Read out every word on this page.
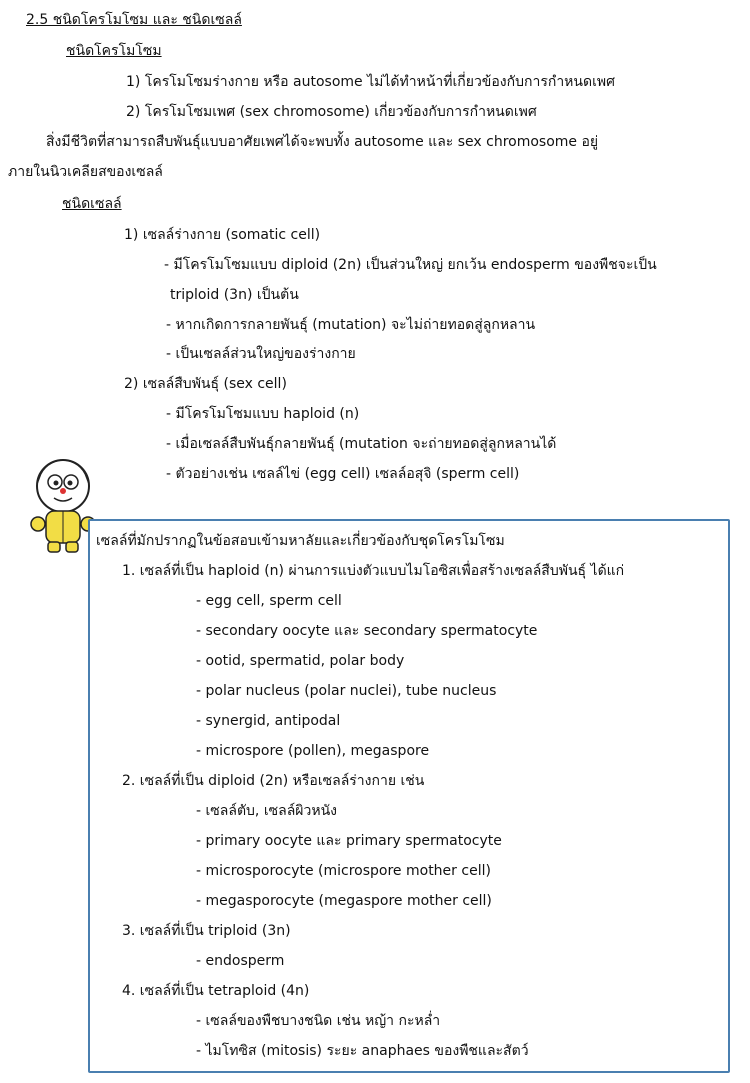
2.5 ชนิดโครโมโซม และ ชนิดเซลล์
ชนิดโครโมโซม
1) โครโมโซมร่างกาย หรือ autosome ไม่ได้ทำหน้าที่เกี่ยวข้องกับการกำหนดเพศ
2) โครโมโซมเพศ (sex chromosome) เกี่ยวข้องกับการกำหนดเพศ
สิ่งมีชีวิตที่สามารถสืบพันธุ์แบบอาศัยเพศได้จะพบทั้ง autosome และ sex chromosome อยู่
ภายในนิวเคลียสของเซลล์
ชนิดเซลล์
1) เซลล์ร่างกาย (somatic cell)
- มีโครโมโซมแบบ diploid (2n) เป็นส่วนใหญ่ ยกเว้น endosperm ของพืชจะเป็น
triploid (3n) เป็นต้น
- หากเกิดการกลายพันธุ์ (mutation) จะไม่ถ่ายทอดสู่ลูกหลาน
- เป็นเซลล์ส่วนใหญ่ของร่างกาย
2) เซลล์สืบพันธุ์ (sex cell)
- มีโครโมโซมแบบ haploid (n)
- เมื่อเซลล์สืบพันธุ์กลายพันธุ์ (mutation จะถ่ายทอดสู่ลูกหลานได้
- ตัวอย่างเช่น เซลล์ไข่ (egg cell) เซลล์อสุจิ (sperm cell)
เซลล์ที่มักปรากฏในข้อสอบเข้ามหาลัยและเกี่ยวข้องกับชุดโครโมโซม
1. เซลล์ที่เป็น haploid (n) ผ่านการแบ่งตัวแบบไมโอซิสเพื่อสร้างเซลล์สืบพันธุ์ ได้แก่
- egg cell, sperm cell
- secondary oocyte และ secondary spermatocyte
- ootid, spermatid, polar body
- polar nucleus (polar nuclei), tube nucleus
- synergid, antipodal
- microspore (pollen), megaspore
2. เซลล์ที่เป็น diploid (2n) หรือเซลล์ร่างกาย เช่น
- เซลล์ตับ, เซลล์ผิวหนัง
- primary oocyte และ primary spermatocyte
- microsporocyte (microspore mother cell)
- megasporocyte (megaspore mother cell)
3. เซลล์ที่เป็น triploid (3n)
- endosperm
4. เซลล์ที่เป็น tetraploid (4n)
- เซลล์ของพืชบางชนิด เช่น หญ้า กะหล่ำ
- ไมโทซิส (mitosis) ระยะ anaphaes ของพืชและสัตว์
